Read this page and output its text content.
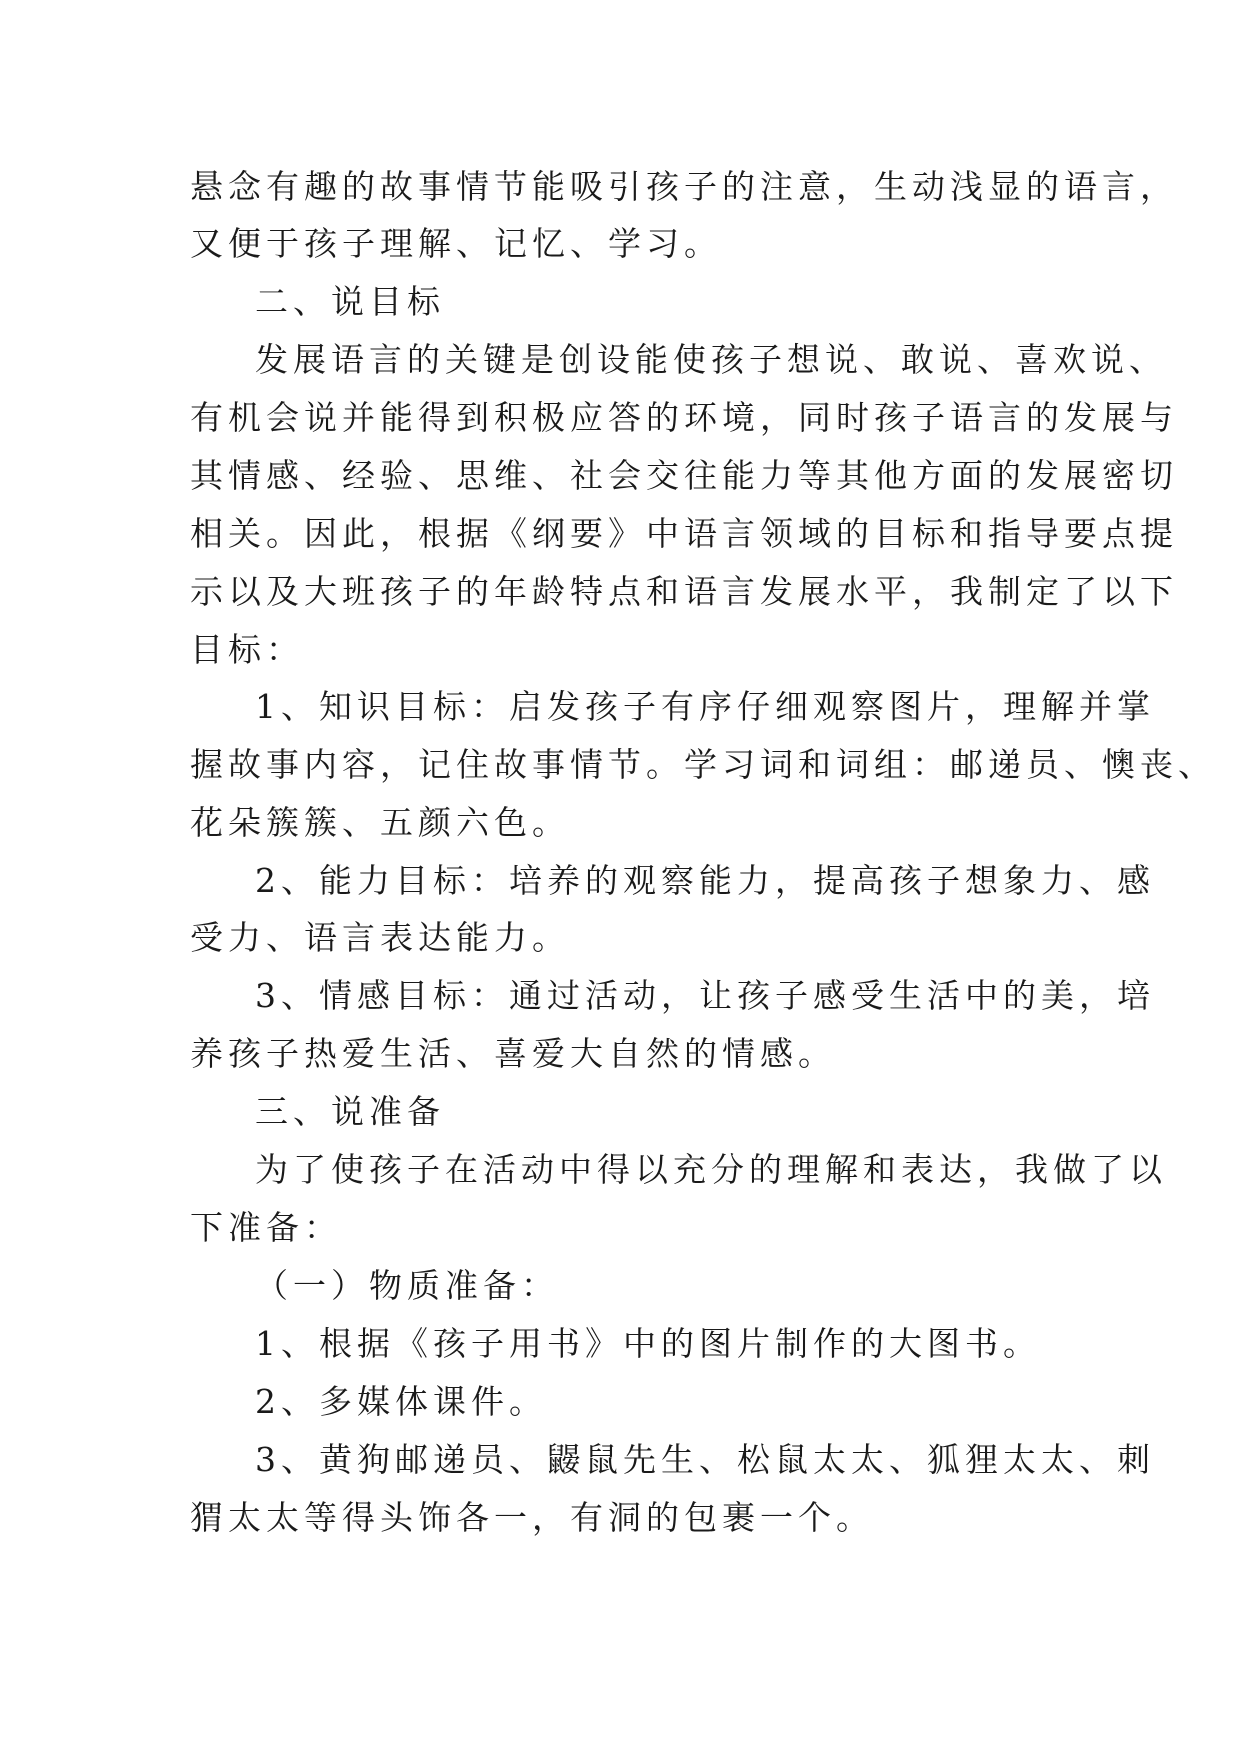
悬念有趣的故事情节能吸引孩子的注意，生动浅显的语言，
又便于孩子理解、记忆、学习。
二、说目标
发展语言的关键是创设能使孩子想说、敢说、喜欢说、
有机会说并能得到积极应答的环境，同时孩子语言的发展与
其情感、经验、思维、社会交往能力等其他方面的发展密切
相关。因此，根据《纲要》中语言领域的目标和指导要点提
示以及大班孩子的年龄特点和语言发展水平，我制定了以下
目标：
1、知识目标：启发孩子有序仔细观察图片，理解并掌
握故事内容，记住故事情节。学习词和词组：邮递员、懊丧、
花朵簇簇、五颜六色。
2、能力目标：培养的观察能力，提高孩子想象力、感
受力、语言表达能力。
3、情感目标：通过活动，让孩子感受生活中的美，培
养孩子热爱生活、喜爱大自然的情感。
三、说准备
为了使孩子在活动中得以充分的理解和表达，我做了以
下准备：
（一）物质准备：
1、根据《孩子用书》中的图片制作的大图书。
2、多媒体课件。
3、黄狗邮递员、鼹鼠先生、松鼠太太、狐狸太太、刺
猬太太等得头饰各一，有洞的包裹一个。
